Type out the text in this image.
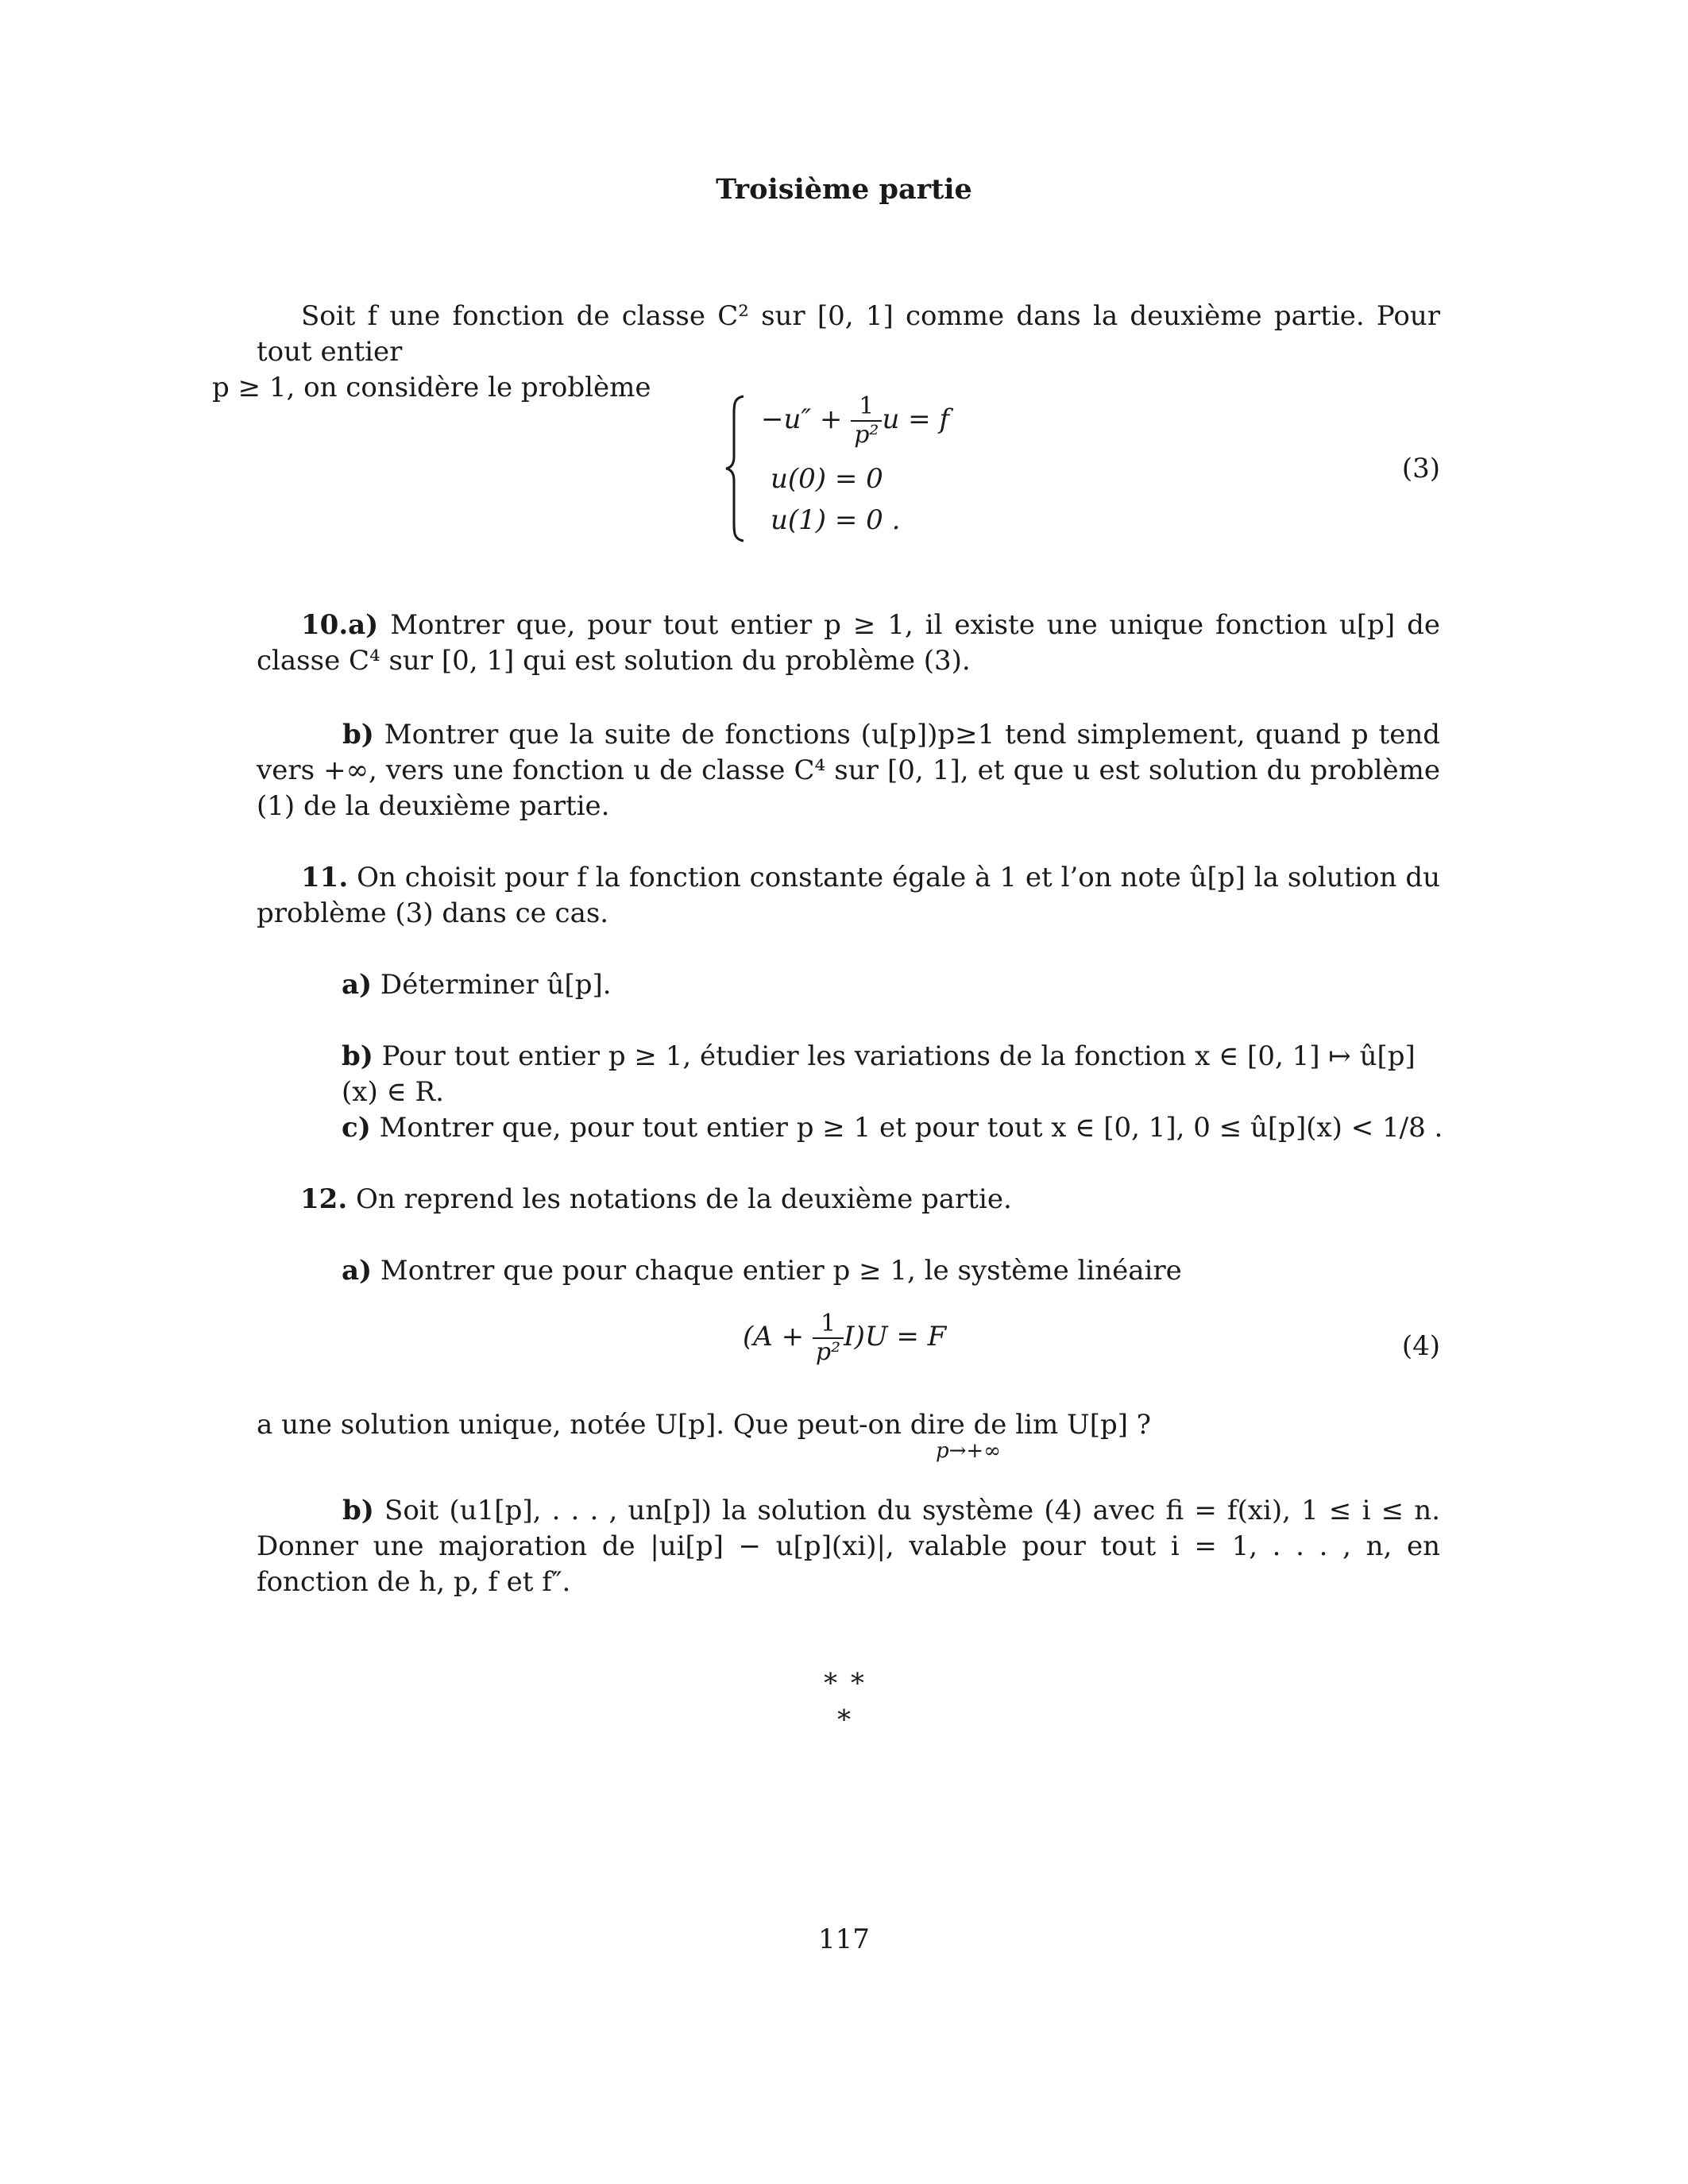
Troisième partie
Soit f une fonction de classe C² sur [0, 1] comme dans la deuxième partie. Pour tout entier
p ≥ 1, on considère le problème
$-u'' + \frac{1}{\text{p²}}$ u = f
u(0) = 0
u(1) = 0 .
(3)
10.a) Montrer que, pour tout entier p ≥ 1, il existe une unique fonction u[p] de classe C⁴ sur [0, 1] qui est solution du problème (3).
b) Montrer que la suite de fonctions (u[p])p≥1 tend simplement, quand p tend vers +∞, vers une fonction u de classe C⁴ sur [0, 1], et que u est solution du problème (1) de la deuxième partie.
11. On choisit pour f la fonction constante égale à 1 et l’on note û[p] la solution du problème (3) dans ce cas.
a) Déterminer û[p].
b) Pour tout entier p ≥ 1, étudier les variations de la fonction x ∈ [0, 1] ↦ û[p](x) ∈ R.
c) Montrer que, pour tout entier p ≥ 1 et pour tout x ∈ [0, 1], 0 ≤ û[p](x) < 1/8 .
12. On reprend les notations de la deuxième partie.
a) Montrer que pour chaque entier p ≥ 1, le système linéaire
$(A + \frac{1}{\text{p²}} I)U = F$	(4)
a une solution unique, notée U[p]. Que peut-on dire de lim U[p] ?
p→+∞
b) Soit (u1[p], . . . , un[p]) la solution du système (4) avec fi = f(xi), 1 ≤ i ≤ n. Donner une majoration de |ui[p] − u[p](xi)|, valable pour tout i = 1, . . . , n, en fonction de h, p, f et f″.
∗ ∗
∗
117
